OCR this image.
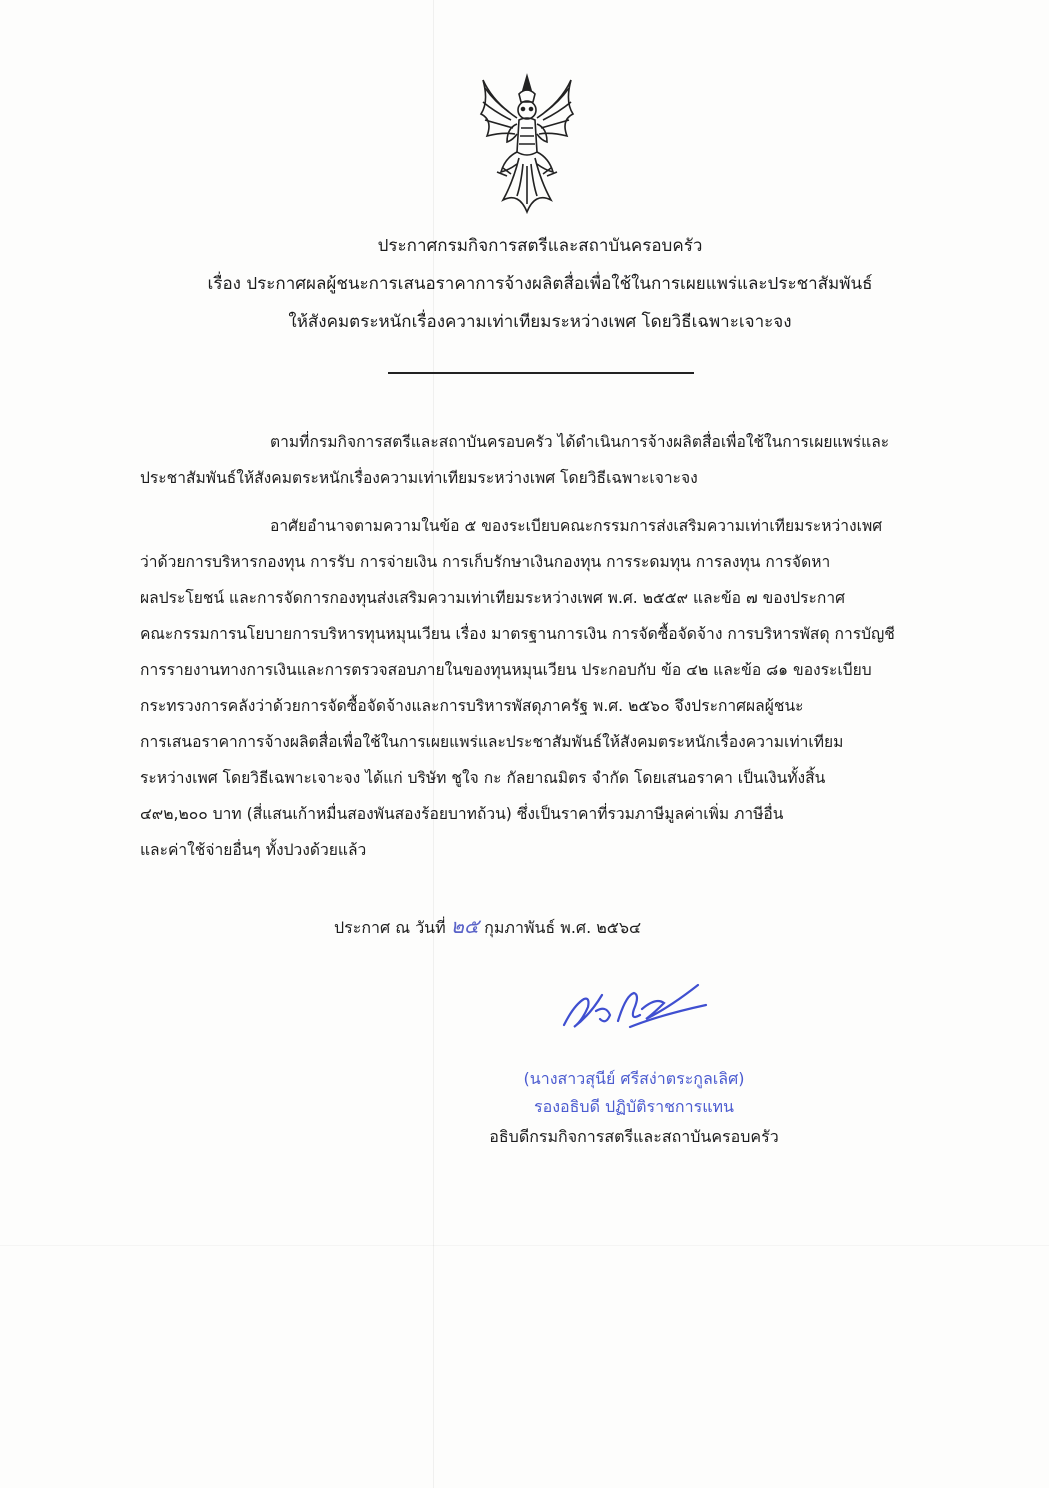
ประกาศกรมกิจการสตรีและสถาบันครอบครัว
เรื่อง ประกาศผลผู้ชนะการเสนอราคาการจ้างผลิตสื่อเพื่อใช้ในการเผยแพร่และประชาสัมพันธ์
ให้สังคมตระหนักเรื่องความเท่าเทียมระหว่างเพศ โดยวิธีเฉพาะเจาะจง
ตามที่กรมกิจการสตรีและสถาบันครอบครัว ได้ดำเนินการจ้างผลิตสื่อเพื่อใช้ในการเผยแพร่และ
ประชาสัมพันธ์ให้สังคมตระหนักเรื่องความเท่าเทียมระหว่างเพศ โดยวิธีเฉพาะเจาะจง
อาศัยอำนาจตามความในข้อ ๕ ของระเบียบคณะกรรมการส่งเสริมความเท่าเทียมระหว่างเพศ
ว่าด้วยการบริหารกองทุน การรับ การจ่ายเงิน การเก็บรักษาเงินกองทุน การระดมทุน การลงทุน การจัดหา
ผลประโยชน์ และการจัดการกองทุนส่งเสริมความเท่าเทียมระหว่างเพศ พ.ศ. ๒๕๕๙ และข้อ ๗ ของประกาศ
คณะกรรมการนโยบายการบริหารทุนหมุนเวียน เรื่อง มาตรฐานการเงิน การจัดซื้อจัดจ้าง การบริหารพัสดุ การบัญชี
การรายงานทางการเงินและการตรวจสอบภายในของทุนหมุนเวียน ประกอบกับ ข้อ ๔๒ และข้อ ๘๑ ของระเบียบ
กระทรวงการคลังว่าด้วยการจัดซื้อจัดจ้างและการบริหารพัสดุภาครัฐ พ.ศ. ๒๕๖๐ จึงประกาศผลผู้ชนะ
การเสนอราคาการจ้างผลิตสื่อเพื่อใช้ในการเผยแพร่และประชาสัมพันธ์ให้สังคมตระหนักเรื่องความเท่าเทียม
ระหว่างเพศ โดยวิธีเฉพาะเจาะจง ได้แก่ บริษัท ชูใจ กะ กัลยาณมิตร จำกัด โดยเสนอราคา เป็นเงินทั้งสิ้น
๔๙๒,๒๐๐ บาท (สี่แสนเก้าหมื่นสองพันสองร้อยบาทถ้วน) ซึ่งเป็นราคาที่รวมภาษีมูลค่าเพิ่ม ภาษีอื่น
และค่าใช้จ่ายอื่นๆ ทั้งปวงด้วยแล้ว
ประกาศ ณ วันที่ ๒๕ กุมภาพันธ์ พ.ศ. ๒๕๖๔
(นางสาวสุนีย์ ศรีสง่าตระกูลเลิศ)
รองอธิบดี ปฏิบัติราชการแทน
อธิบดีกรมกิจการสตรีและสถาบันครอบครัว
